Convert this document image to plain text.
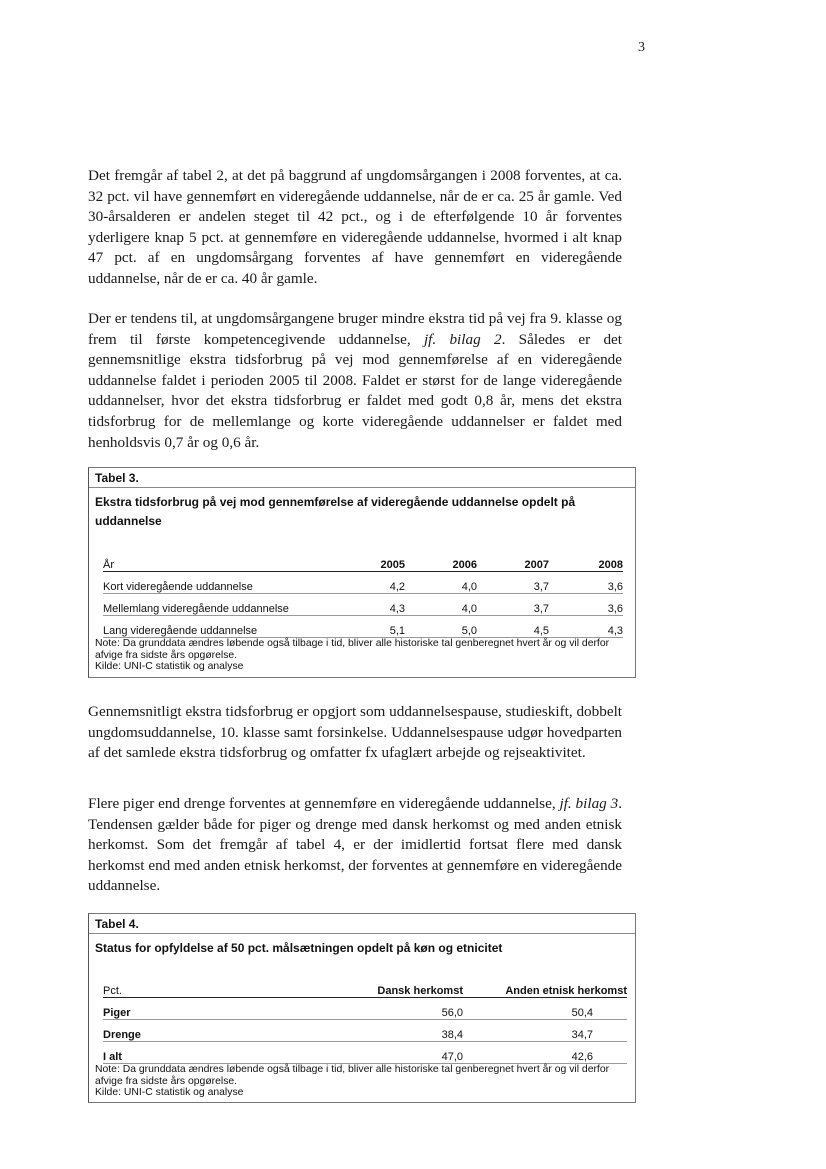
3

Det fremgår af tabel 2, at det på baggrund af ungdomsårgangen i 2008 forventes, at ca. 32 pct. vil have gennemført en videregående uddannelse, når de er ca. 25 år gamle. Ved 30-årsalderen er andelen steget til 42 pct., og i de efterfølgende 10 år forventes yderligere knap 5 pct. at gennemføre en videregående uddannelse, hvormed i alt knap 47 pct. af en ungdomsårgang forventes af have gennemført en videregående uddannelse, når de er ca. 40 år gamle.

Der er tendens til, at ungdomsårgangene bruger mindre ekstra tid på vej fra 9. klasse og frem til første kompetencegivende uddannelse, jf. bilag 2. Således er det gennemsnitlige ekstra tidsforbrug på vej mod gennemførelse af en videregående uddannelse faldet i perioden 2005 til 2008. Faldet er størst for de lange videregående uddannelser, hvor det ekstra tidsforbrug er faldet med godt 0,8 år, mens det ekstra tidsforbrug for de mellemlange og korte videregående uddannelser er faldet med henholdsvis 0,7 år og 0,6 år.

Tabel 3.
Ekstra tidsforbrug på vej mod gennemførelse af videregående uddannelse opdelt på uddannelse
År	2005	2006	2007	2008
Kort videregående uddannelse	4,2	4,0	3,7	3,6
Mellemlang videregående uddannelse	4,3	4,0	3,7	3,6
Lang videregående uddannelse	5,1	5,0	4,5	4,3
Note: Da grunddata ændres løbende også tilbage i tid, bliver alle historiske tal genberegnet hvert år og vil derfor afvige fra sidste års opgørelse.
Kilde: UNI-C statistik og analyse

Gennemsnitligt ekstra tidsforbrug er opgjort som uddannelsespause, studieskift, dobbelt ungdomsuddannelse, 10. klasse samt forsinkelse. Uddannelsespause udgør hovedparten af det samlede ekstra tidsforbrug og omfatter fx ufaglært arbejde og rejseaktivitet.

Flere piger end drenge forventes at gennemføre en videregående uddannelse, jf. bilag 3. Tendensen gælder både for piger og drenge med dansk herkomst og med anden etnisk herkomst. Som det fremgår af tabel 4, er der imidlertid fortsat flere med dansk herkomst end med anden etnisk herkomst, der forventes at gennemføre en videregående uddannelse.

Tabel 4.
Status for opfyldelse af 50 pct. målsætningen opdelt på køn og etnicitet
Pct.	Dansk herkomst	Anden etnisk herkomst
Piger	56,0	50,4
Drenge	38,4	34,7
I alt	47,0	42,6
Note: Da grunddata ændres løbende også tilbage i tid, bliver alle historiske tal genberegnet hvert år og vil derfor afvige fra sidste års opgørelse.
Kilde: UNI-C statistik og analyse
